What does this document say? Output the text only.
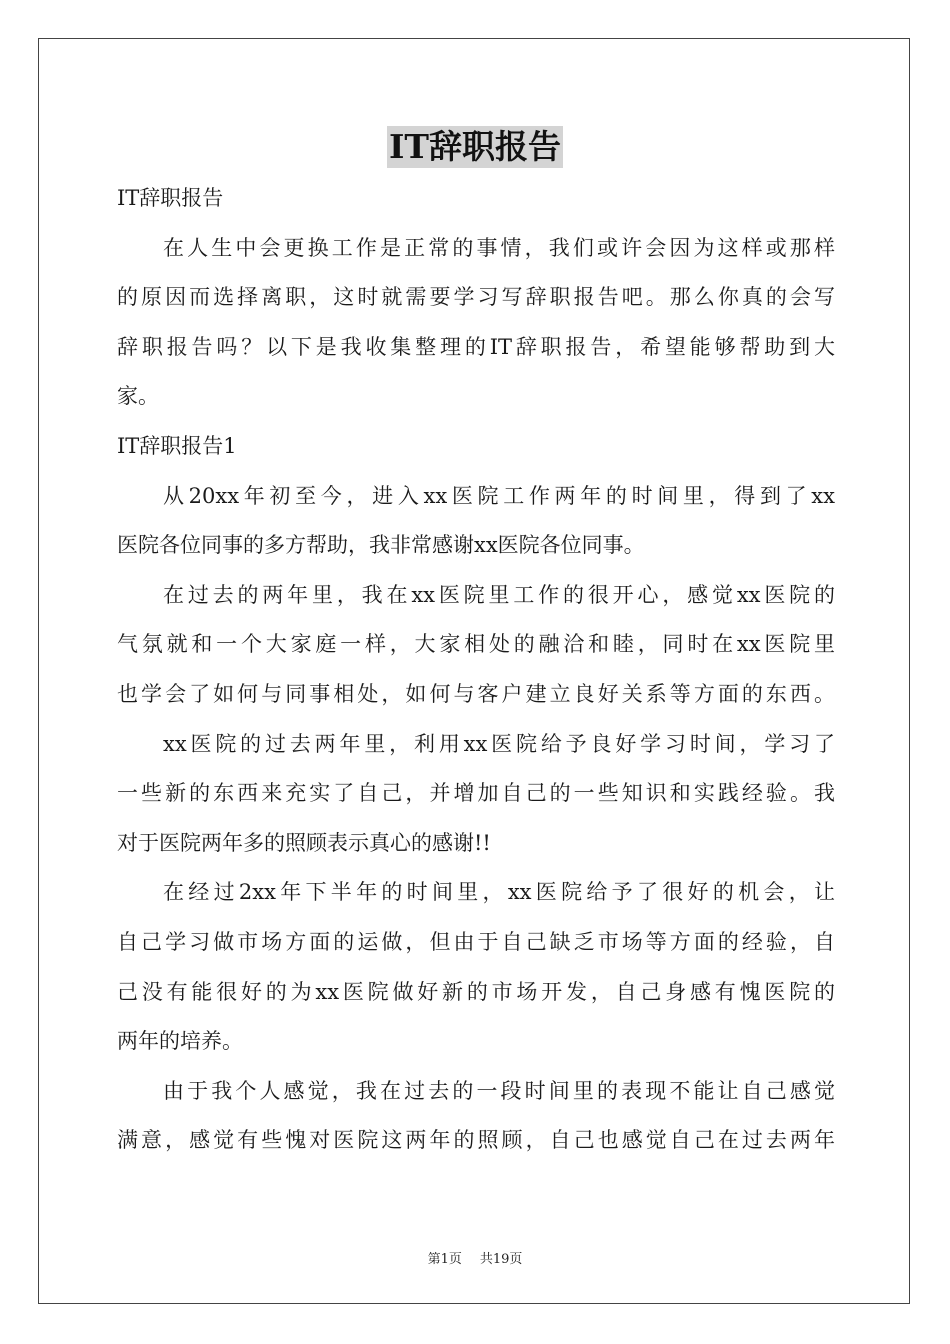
IT辞职报告
IT辞职报告
在人生中会更换工作是正常的事情，我们或许会因为这样或那样
的原因而选择离职，这时就需要学习写辞职报告吧。那么你真的会写
辞职报告吗？以下是我收集整理的IT辞职报告，希望能够帮助到大
家。
IT辞职报告1
从20xx年初至今，进入xx医院工作两年的时间里，得到了xx
医院各位同事的多方帮助，我非常感谢xx医院各位同事。
在过去的两年里，我在xx医院里工作的很开心，感觉xx医院的
气氛就和一个大家庭一样，大家相处的融洽和睦，同时在xx医院里
也学会了如何与同事相处，如何与客户建立良好关系等方面的东西。
xx医院的过去两年里，利用xx医院给予良好学习时间，学习了
一些新的东西来充实了自己，并增加自己的一些知识和实践经验。我
对于医院两年多的照顾表示真心的感谢!!
在经过2xx年下半年的时间里，xx医院给予了很好的机会，让
自己学习做市场方面的运做，但由于自己缺乏市场等方面的经验，自
己没有能很好的为xx医院做好新的市场开发，自己身感有愧医院的
两年的培养。
由于我个人感觉，我在过去的一段时间里的表现不能让自己感觉
满意，感觉有些愧对医院这两年的照顾，自己也感觉自己在过去两年
第1页 共19页
